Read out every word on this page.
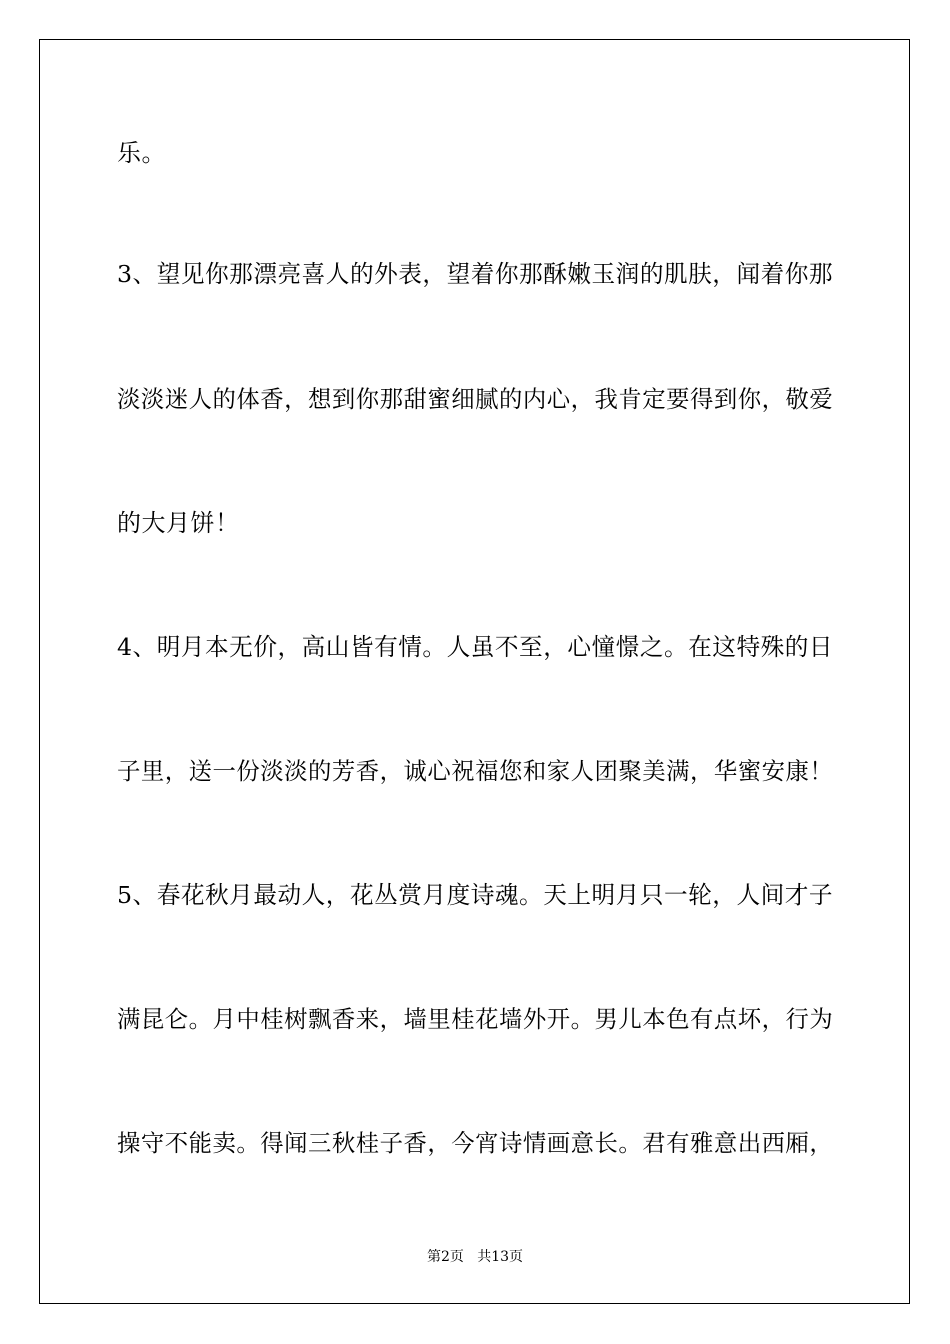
乐。
3、望见你那漂亮喜人的外表，望着你那酥嫩玉润的肌肤，闻着你那
淡淡迷人的体香，想到你那甜蜜细腻的内心，我肯定要得到你，敬爱
的大月饼！
4、明月本无价，高山皆有情。人虽不至，心憧憬之。在这特殊的日
子里，送一份淡淡的芳香，诚心祝福您和家人团聚美满，华蜜安康！
5、春花秋月最动人，花丛赏月度诗魂。天上明月只一轮，人间才子
满昆仑。月中桂树飘香来，墙里桂花墙外开。男儿本色有点坏，行为
操守不能卖。得闻三秋桂子香，今宵诗情画意长。君有雅意出西厢，
第2页   共13页
